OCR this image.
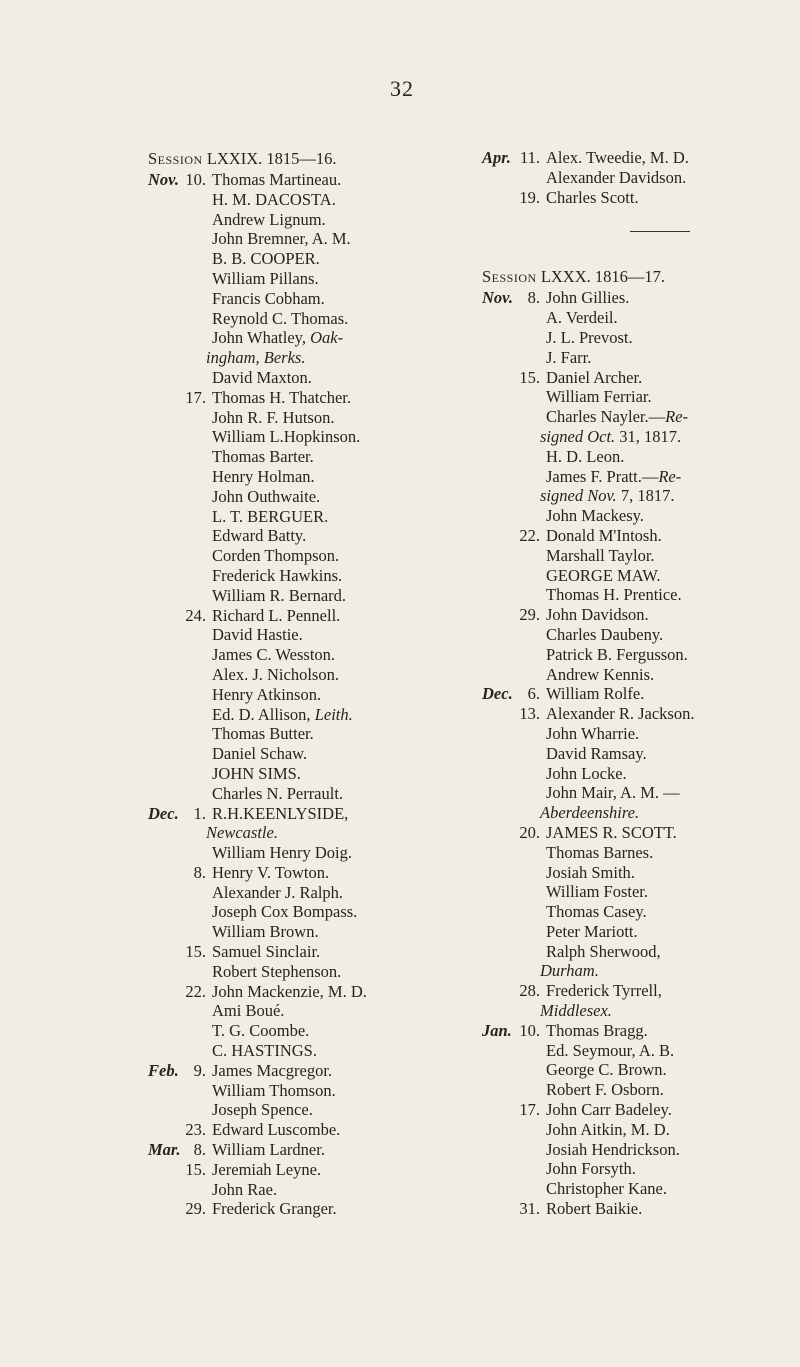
32
Session LXXIX. 1815—16.
Nov. 10. Thomas Martineau.
H. M. DACOSTA.
Andrew Lignum.
John Bremner, A. M.
B. B. COOPER.
William Pillans.
Francis Cobham.
Reynold C. Thomas.
John Whatley, Oak-
ingham, Berks.
David Maxton.
17. Thomas H. Thatcher.
John R. F. Hutson.
William L.Hopkinson.
Thomas Barter.
Henry Holman.
John Outhwaite.
L. T. BERGUER.
Edward Batty.
Corden Thompson.
Frederick Hawkins.
William R. Bernard.
24. Richard L. Pennell.
David Hastie.
James C. Wesston.
Alex. J. Nicholson.
Henry Atkinson.
Ed. D. Allison, Leith.
Thomas Butter.
Daniel Schaw.
JOHN SIMS.
Charles N. Perrault.
Dec. 1. R.H.KEENLYSIDE,
Newcastle.
William Henry Doig.
8. Henry V. Towton.
Alexander J. Ralph.
Joseph Cox Bompass.
William Brown.
15. Samuel Sinclair.
Robert Stephenson.
22. John Mackenzie, M. D.
Ami Boué.
T. G. Coombe.
C. HASTINGS.
Feb. 9. James Macgregor.
William Thomson.
Joseph Spence.
23. Edward Luscombe.
Mar. 8. William Lardner.
15. Jeremiah Leyne.
John Rae.
29. Frederick Granger.
Apr. 11. Alex. Tweedie, M. D.
Alexander Davidson.
19. Charles Scott.
Session LXXX. 1816—17.
Nov. 8. John Gillies.
A. Verdeil.
J. L. Prevost.
J. Farr.
15. Daniel Archer.
William Ferriar.
Charles Nayler.—Re-
signed Oct. 31, 1817.
H. D. Leon.
James F. Pratt.—Re-
signed Nov. 7, 1817.
John Mackesy.
22. Donald M'Intosh.
Marshall Taylor.
GEORGE MAW.
Thomas H. Prentice.
29. John Davidson.
Charles Daubeny.
Patrick B. Fergusson.
Andrew Kennis.
Dec. 6. William Rolfe.
13. Alexander R. Jackson.
John Wharrie.
David Ramsay.
John Locke.
John Mair, A. M. —
Aberdeenshire.
20. JAMES R. SCOTT.
Thomas Barnes.
Josiah Smith.
William Foster.
Thomas Casey.
Peter Mariott.
Ralph Sherwood,
Durham.
28. Frederick Tyrrell,
Middlesex.
Jan. 10. Thomas Bragg.
Ed. Seymour, A. B.
George C. Brown.
Robert F. Osborn.
17. John Carr Badeley.
John Aitkin, M. D.
Josiah Hendrickson.
John Forsyth.
Christopher Kane.
31. Robert Baikie.
